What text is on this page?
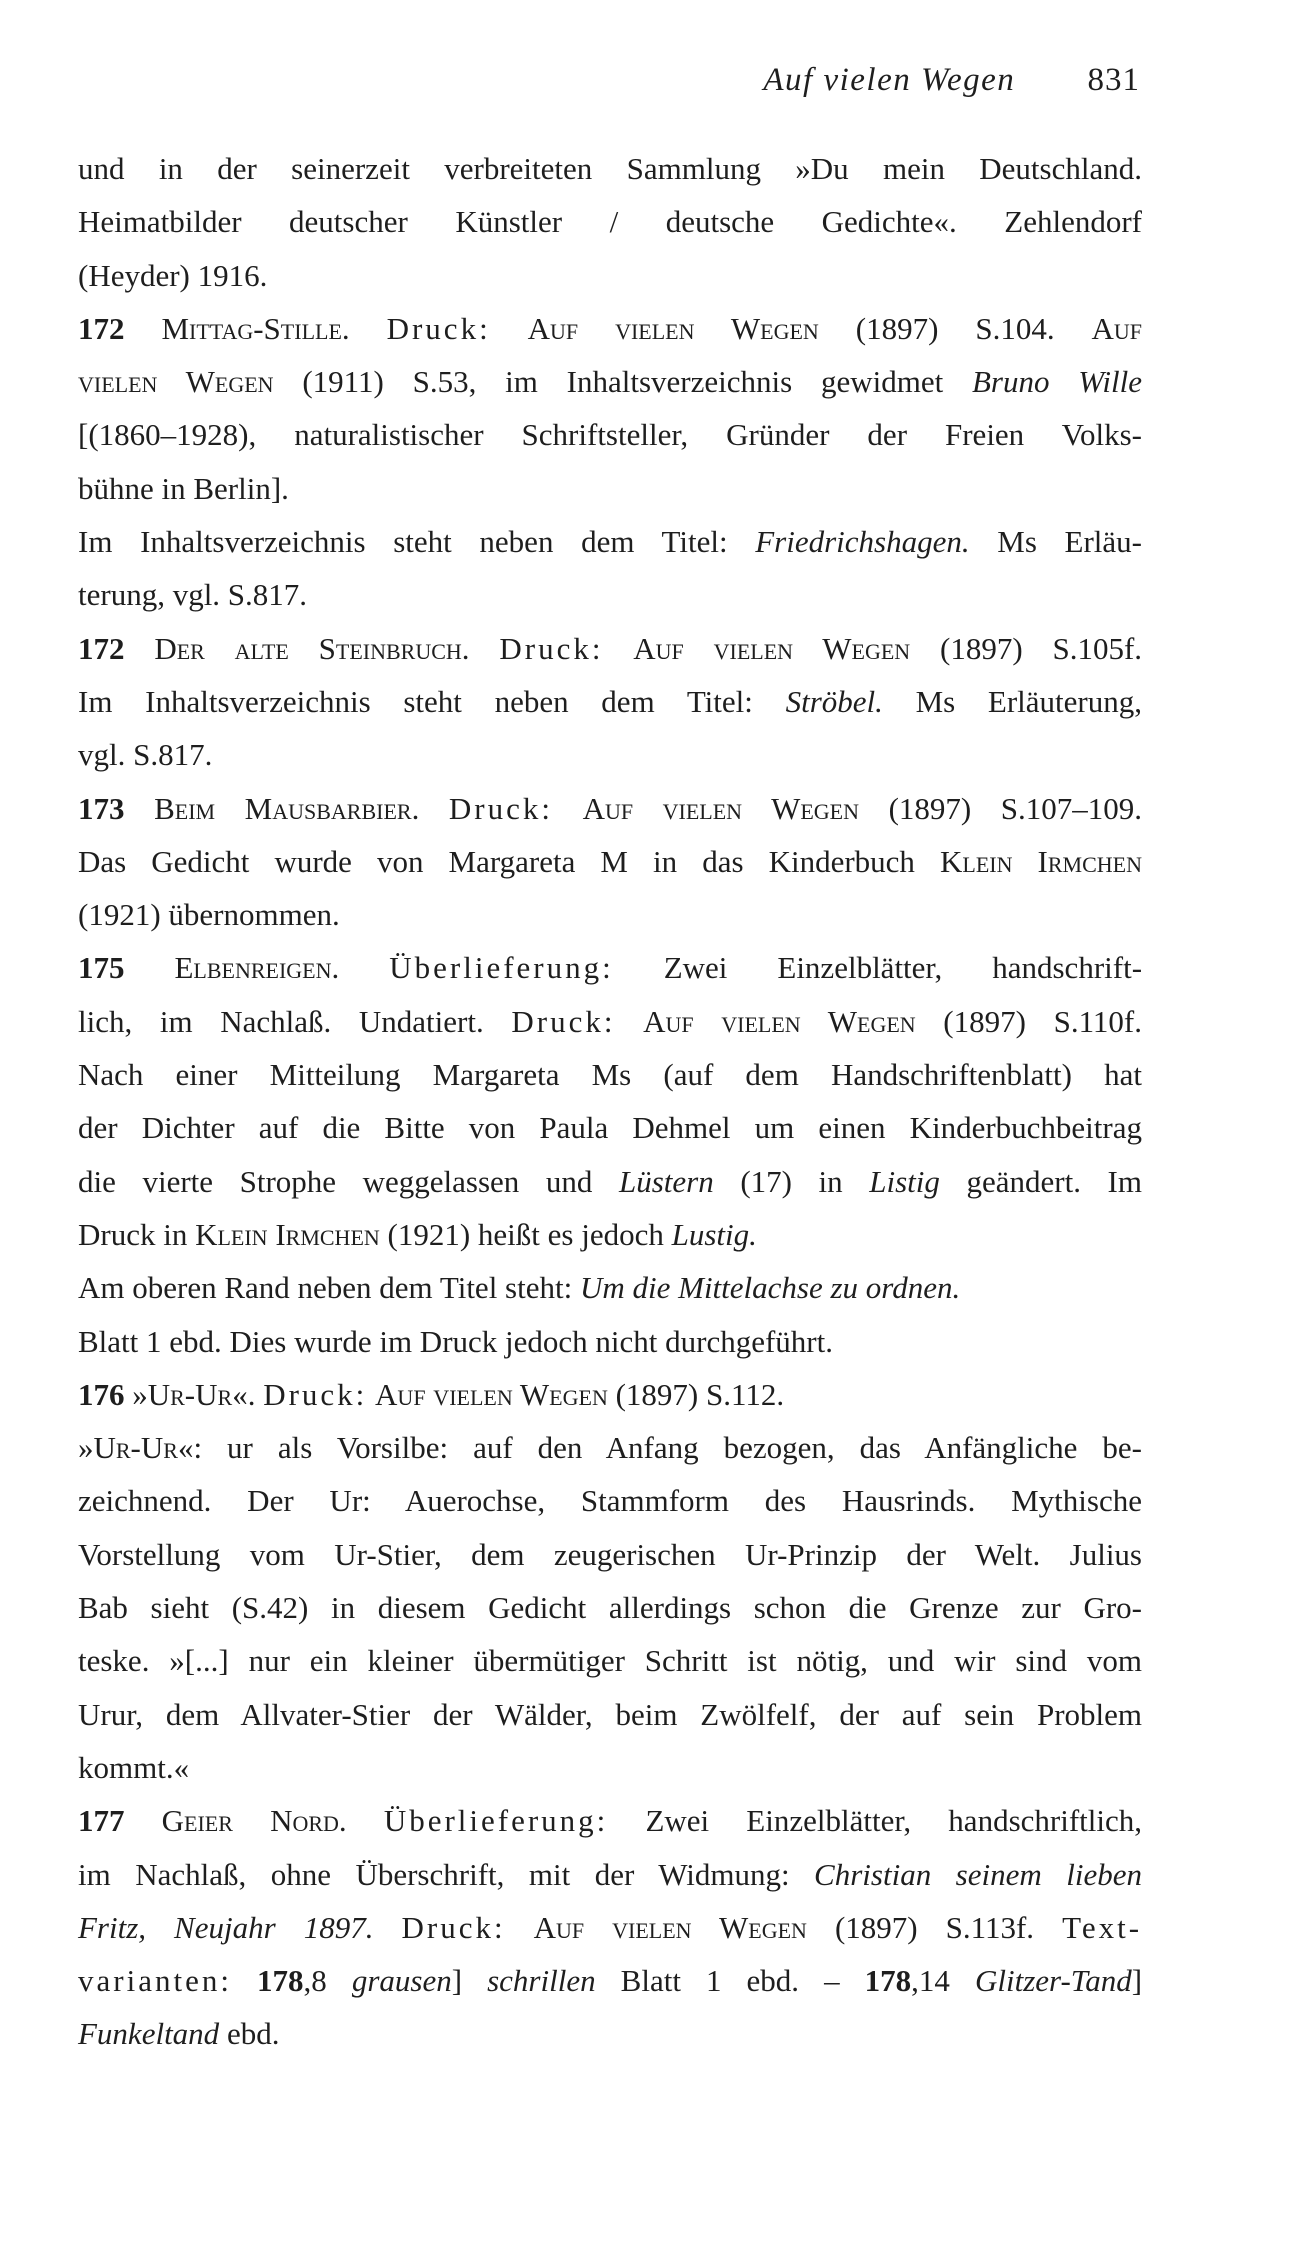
Auf vielen Wegen 831
und in der seinerzeit verbreiteten Sammlung »Du mein Deutschland.
Heimatbilder deutscher Künstler / deutsche Gedichte«. Zehlendorf
(Heyder) 1916.
172 Mittag-Stille. Druck: Auf vielen Wegen (1897) S.104. Auf
vielen Wegen (1911) S.53, im Inhaltsverzeichnis gewidmet Bruno Wille
[(1860–1928), naturalistischer Schriftsteller, Gründer der Freien Volks-
bühne in Berlin].
Im Inhaltsverzeichnis steht neben dem Titel: Friedrichshagen. Ms Erläu-
terung, vgl. S.817.
172 Der alte Steinbruch. Druck: Auf vielen Wegen (1897) S.105f.
Im Inhaltsverzeichnis steht neben dem Titel: Ströbel. Ms Erläuterung,
vgl. S.817.
173 Beim Mausbarbier. Druck: Auf vielen Wegen (1897) S.107–109.
Das Gedicht wurde von Margareta M in das Kinderbuch Klein Irmchen
(1921) übernommen.
175 Elbenreigen. Überlieferung: Zwei Einzelblätter, handschrift-
lich, im Nachlaß. Undatiert. Druck: Auf vielen Wegen (1897) S.110f.
Nach einer Mitteilung Margareta Ms (auf dem Handschriftenblatt) hat
der Dichter auf die Bitte von Paula Dehmel um einen Kinderbuchbeitrag
die vierte Strophe weggelassen und Lüstern (17) in Listig geändert. Im
Druck in Klein Irmchen (1921) heißt es jedoch Lustig.
Am oberen Rand neben dem Titel steht: Um die Mittelachse zu ordnen.
Blatt 1 ebd. Dies wurde im Druck jedoch nicht durchgeführt.
176 »Ur-Ur«. Druck: Auf vielen Wegen (1897) S.112.
»Ur-Ur«: ur als Vorsilbe: auf den Anfang bezogen, das Anfängliche be-
zeichnend. Der Ur: Auerochse, Stammform des Hausrinds. Mythische
Vorstellung vom Ur-Stier, dem zeugerischen Ur-Prinzip der Welt. Julius
Bab sieht (S.42) in diesem Gedicht allerdings schon die Grenze zur Gro-
teske. »[...] nur ein kleiner übermütiger Schritt ist nötig, und wir sind vom
Urur, dem Allvater-Stier der Wälder, beim Zwölfelf, der auf sein Problem
kommt.«
177 Geier Nord. Überlieferung: Zwei Einzelblätter, handschriftlich,
im Nachlaß, ohne Überschrift, mit der Widmung: Christian seinem lieben
Fritz, Neujahr 1897. Druck: Auf vielen Wegen (1897) S.113f. Text-
varianten: 178,8 grausen] schrillen Blatt 1 ebd. – 178,14 Glitzer-Tand]
Funkeltand ebd.
